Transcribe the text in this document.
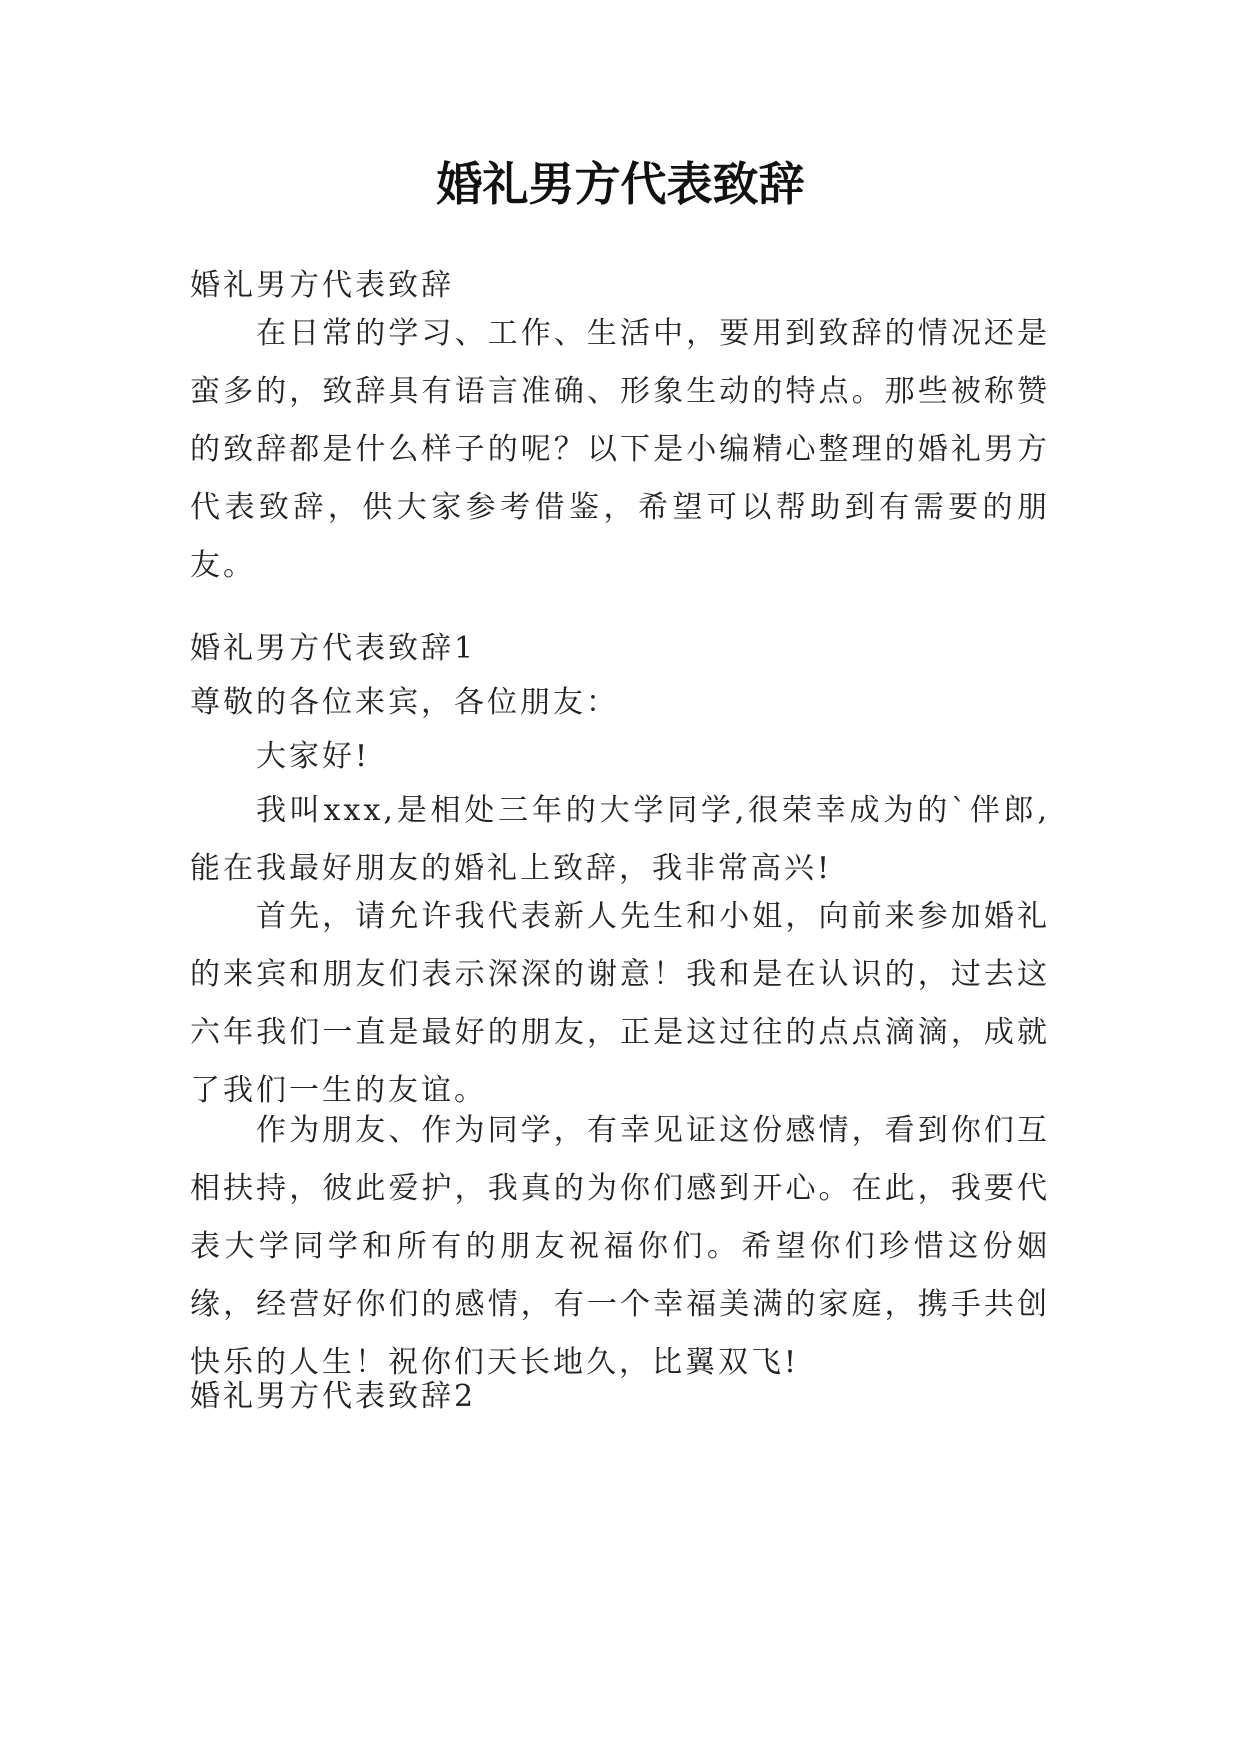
婚礼男方代表致辞

婚礼男方代表致辞

在日常的学习、工作、生活中，要用到致辞的情况还是蛮多的，致辞具有语言准确、形象生动的特点。那些被称赞的致辞都是什么样子的呢？以下是小编精心整理的婚礼男方代表致辞，供大家参考借鉴，希望可以帮助到有需要的朋友。

婚礼男方代表致辞1

尊敬的各位来宾，各位朋友：

大家好!

我叫xxx,是相处三年的大学同学,很荣幸成为的`伴郎,能在我最好朋友的婚礼上致辞，我非常高兴!

首先，请允许我代表新人先生和小姐，向前来参加婚礼的来宾和朋友们表示深深的谢意！我和是在认识的，过去这六年我们一直是最好的朋友，正是这过往的点点滴滴，成就了我们一生的友谊。

作为朋友、作为同学，有幸见证这份感情，看到你们互相扶持，彼此爱护，我真的为你们感到开心。在此，我要代表大学同学和所有的朋友祝福你们。希望你们珍惜这份姻缘，经营好你们的感情，有一个幸福美满的家庭，携手共创快乐的人生！祝你们天长地久，比翼双飞!

婚礼男方代表致辞2
